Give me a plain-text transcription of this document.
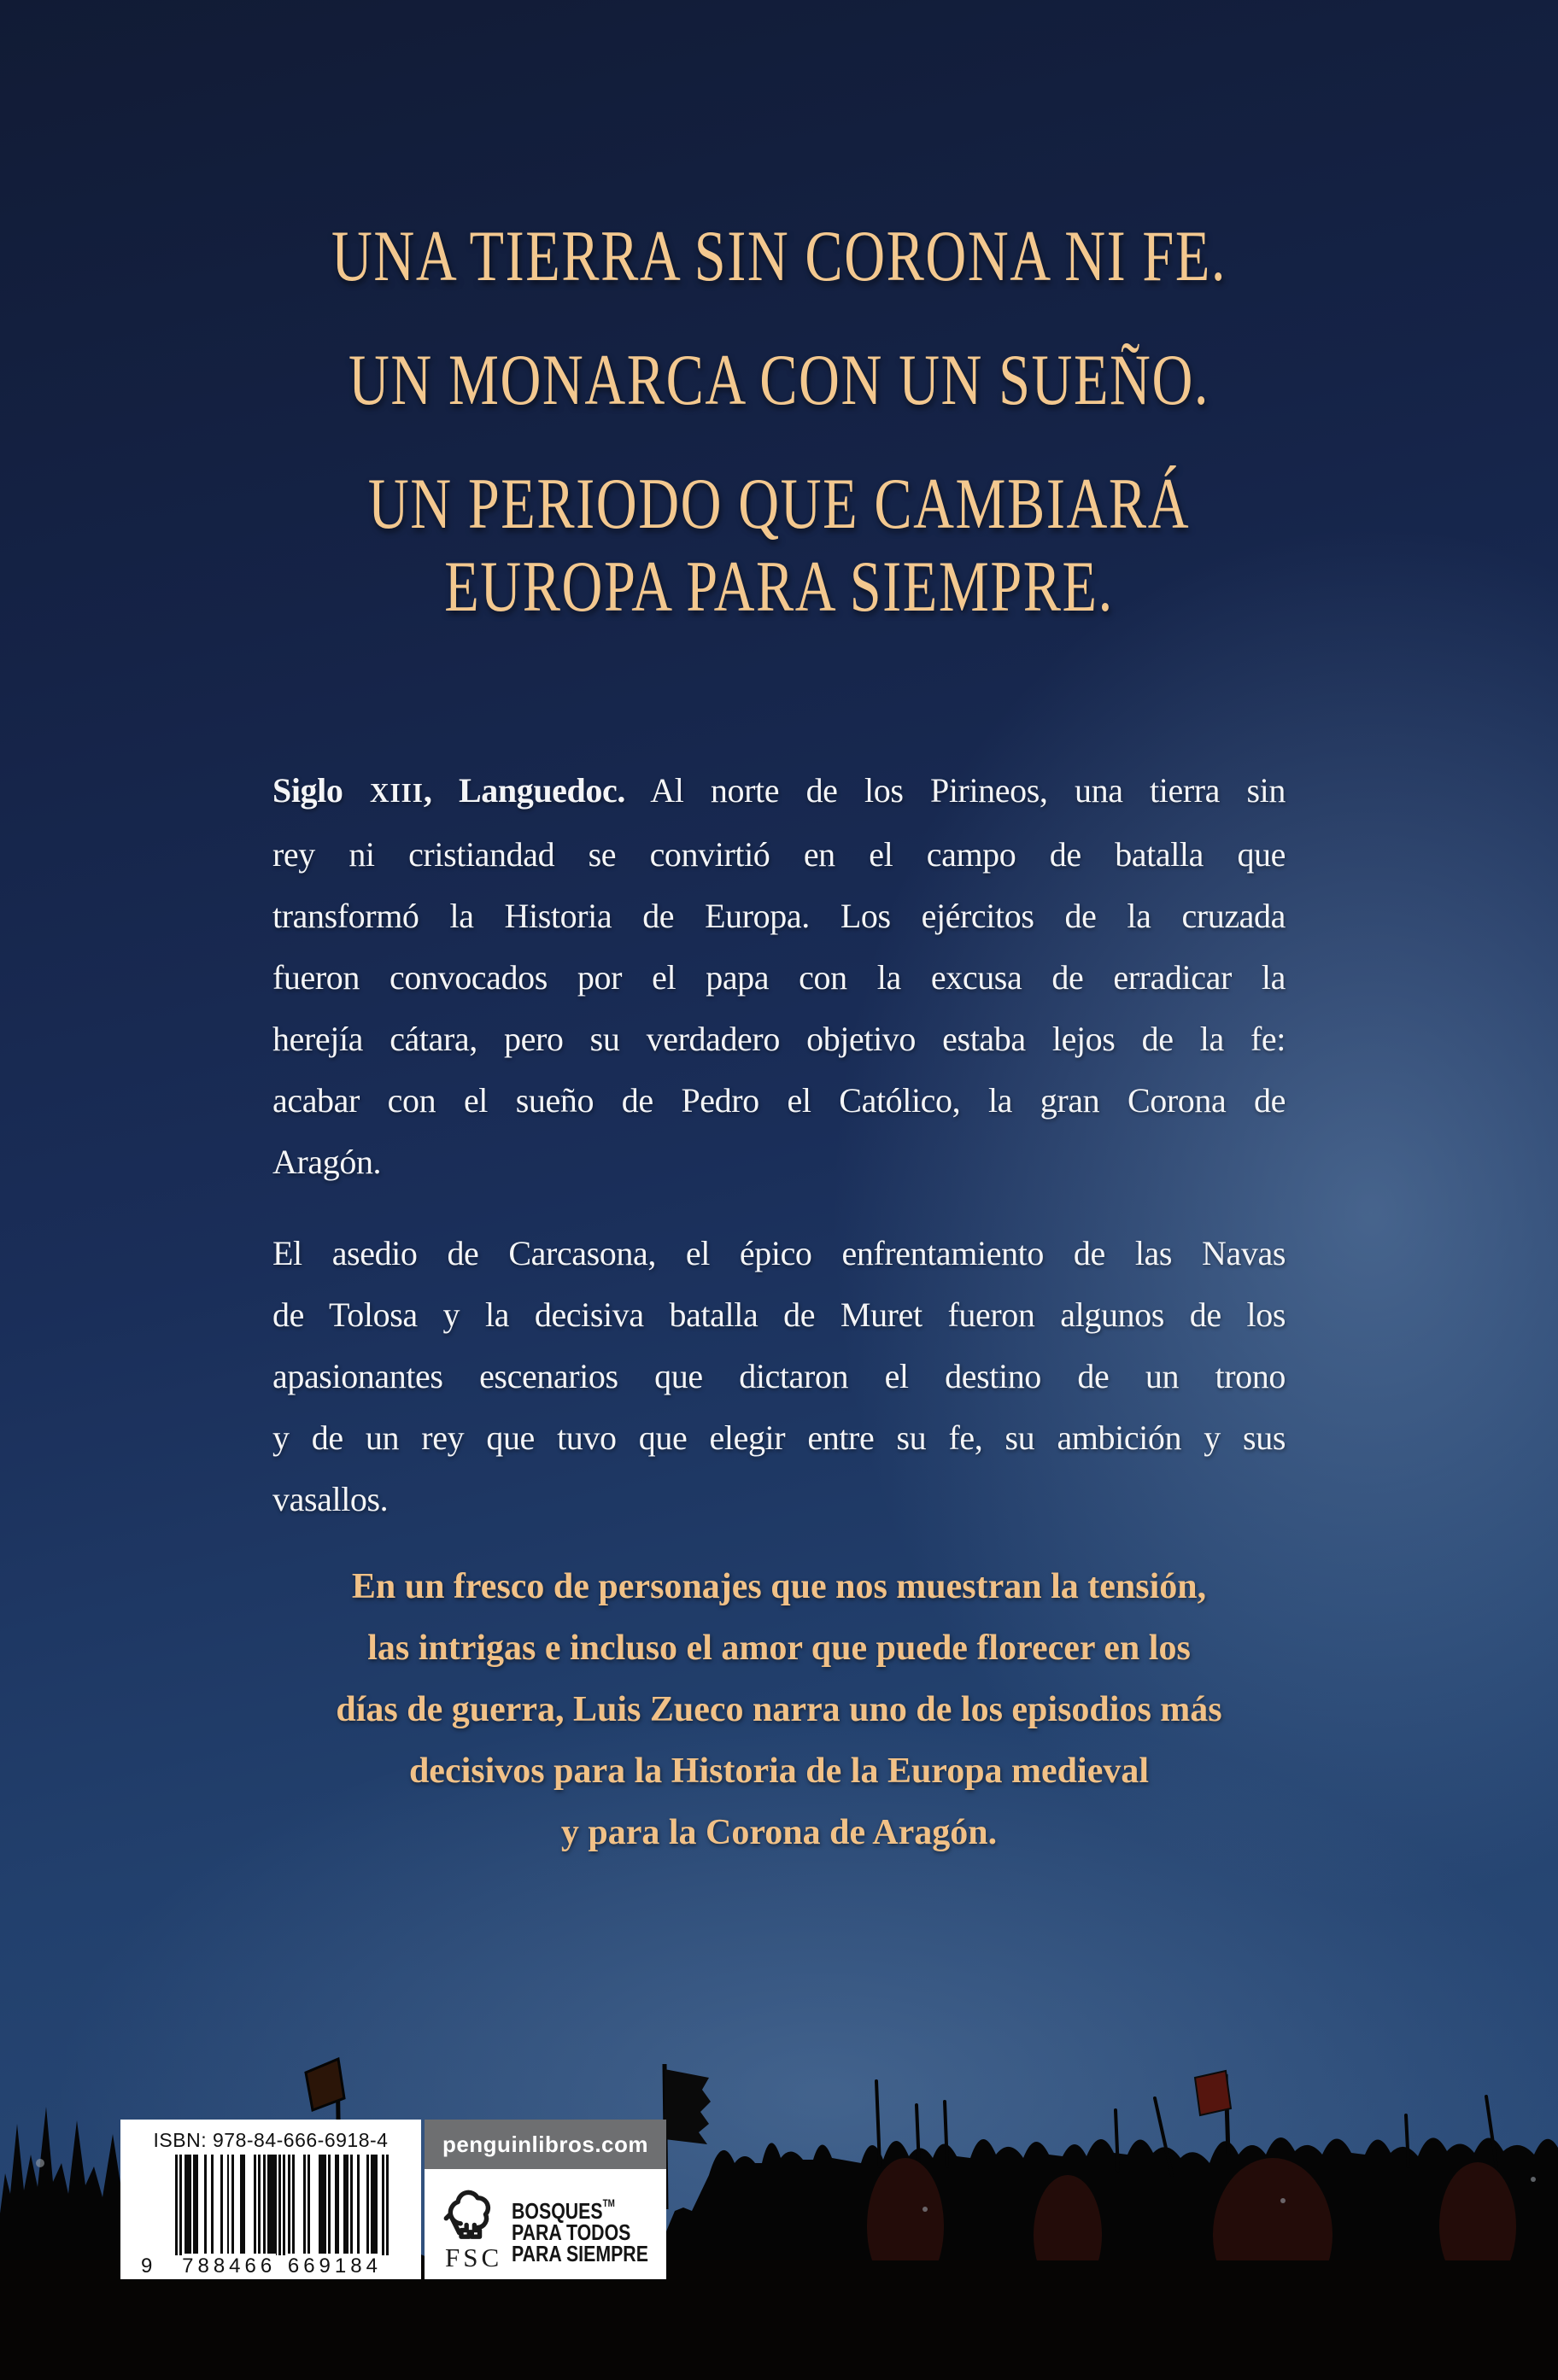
UNA TIERRA SIN CORONA NI FE.
UN MONARCA CON UN SUEÑO.
UN PERIODO QUE CAMBIARÁ
EUROPA PARA SIEMPRE.
Siglo XIII, Languedoc. Al norte de los Pirineos, una tierra sin
rey ni cristiandad se convirtió en el campo de batalla que
transformó la Historia de Europa. Los ejércitos de la cruzada
fueron convocados por el papa con la excusa de erradicar la
herejía cátara, pero su verdadero objetivo estaba lejos de la fe:
acabar con el sueño de Pedro el Católico, la gran Corona de
Aragón.
El asedio de Carcasona, el épico enfrentamiento de las Navas
de Tolosa y la decisiva batalla de Muret fueron algunos de los
apasionantes escenarios que dictaron el destino de un trono
y de un rey que tuvo que elegir entre su fe, su ambición y sus
vasallos.
En un fresco de personajes que nos muestran la tensión,
las intrigas e incluso el amor que puede florecer en los
días de guerra, Luis Zueco narra uno de los episodios más
decisivos para la Historia de la Europa medieval
y para la Corona de Aragón.
ISBN: 978-84-666-6918-4
9 788466 669184
penguinlibros.com
FSC
BOSQUES™
PARA TODOS
PARA SIEMPRE
